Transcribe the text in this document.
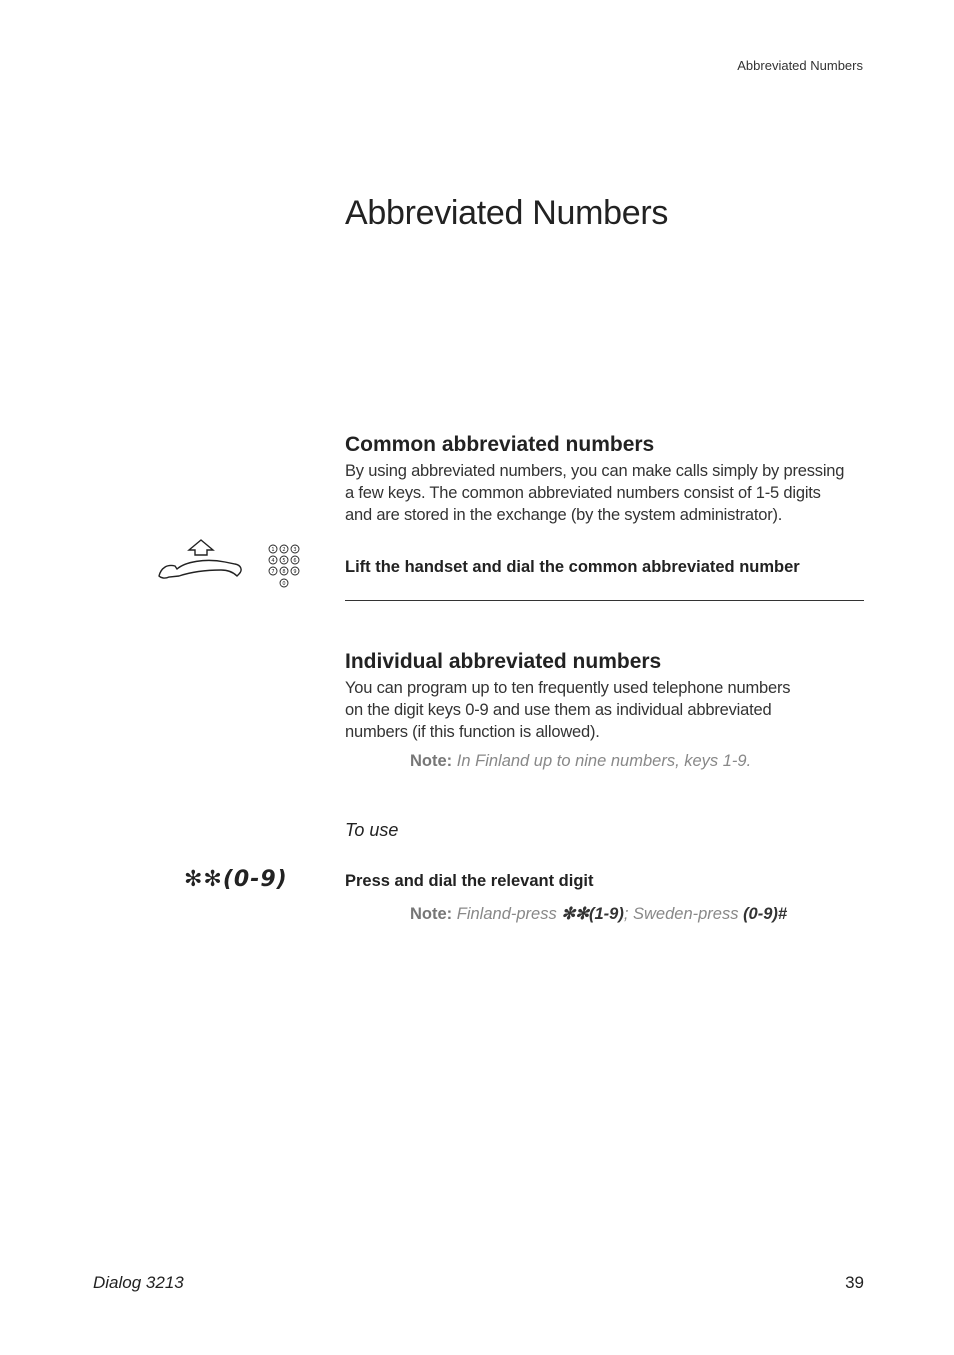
Abbreviated Numbers
Abbreviated Numbers
Common abbreviated numbers
By using abbreviated numbers, you can make calls simply by pressing
a few keys. The common abbreviated numbers consist of 1-5 digits
and are stored in the exchange (by the system administrator).
1 2 3
4 5 6
7 8 9
0
Lift the handset and dial the common abbreviated number
Individual abbreviated numbers
You can program up to ten frequently used telephone numbers
on the digit keys 0-9 and use them as individual abbreviated
numbers (if this function is allowed).
Note: In Finland up to nine numbers, keys 1-9.
To use
✻✻(0-9)	Press and dial the relevant digit
Note: Finland-press ✻✻(1-9); Sweden-press (0-9)#
Dialog 3213	39
